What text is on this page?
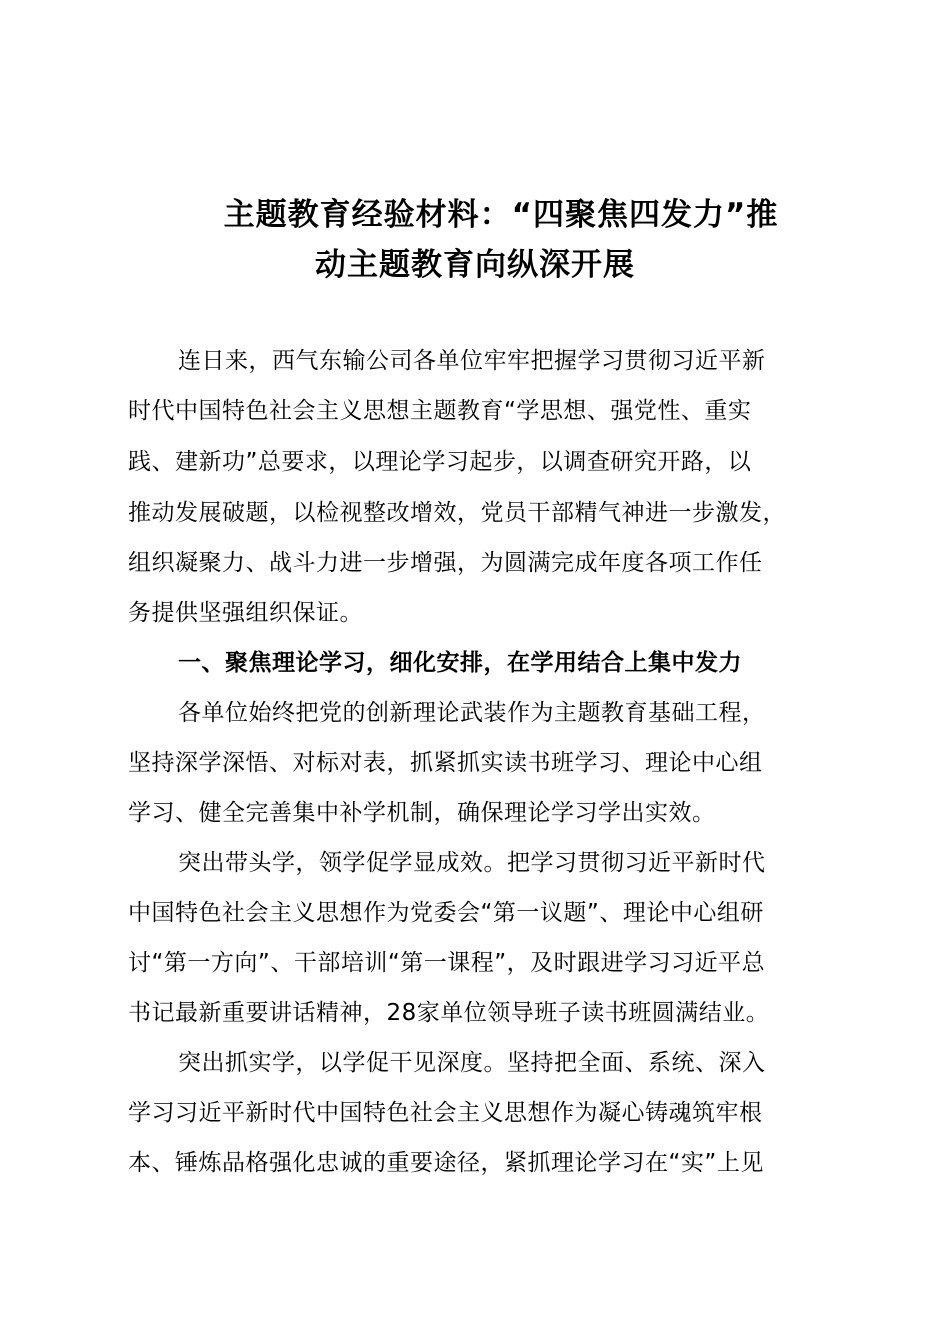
主题教育经验材料：“四聚焦四发力”推
动主题教育向纵深开展
连日来，西气东输公司各单位牢牢把握学习贯彻习近平新
时代中国特色社会主义思想主题教育“学思想、强党性、重实
践、建新功”总要求，以理论学习起步，以调查研究开路，以
推动发展破题，以检视整改增效，党员干部精气神进一步激发，
组织凝聚力、战斗力进一步增强，为圆满完成年度各项工作任
务提供坚强组织保证。
一、聚焦理论学习，细化安排，在学用结合上集中发力
各单位始终把党的创新理论武装作为主题教育基础工程，
坚持深学深悟、对标对表，抓紧抓实读书班学习、理论中心组
学习、健全完善集中补学机制，确保理论学习学出实效。
突出带头学，领学促学显成效。把学习贯彻习近平新时代
中国特色社会主义思想作为党委会“第一议题”、理论中心组研
讨“第一方向”、干部培训“第一课程”，及时跟进学习习近平总
书记最新重要讲话精神，28家单位领导班子读书班圆满结业。
突出抓实学，以学促干见深度。坚持把全面、系统、深入
学习习近平新时代中国特色社会主义思想作为凝心铸魂筑牢根
本、锤炼品格强化忠诚的重要途径，紧抓理论学习在“实”上见
